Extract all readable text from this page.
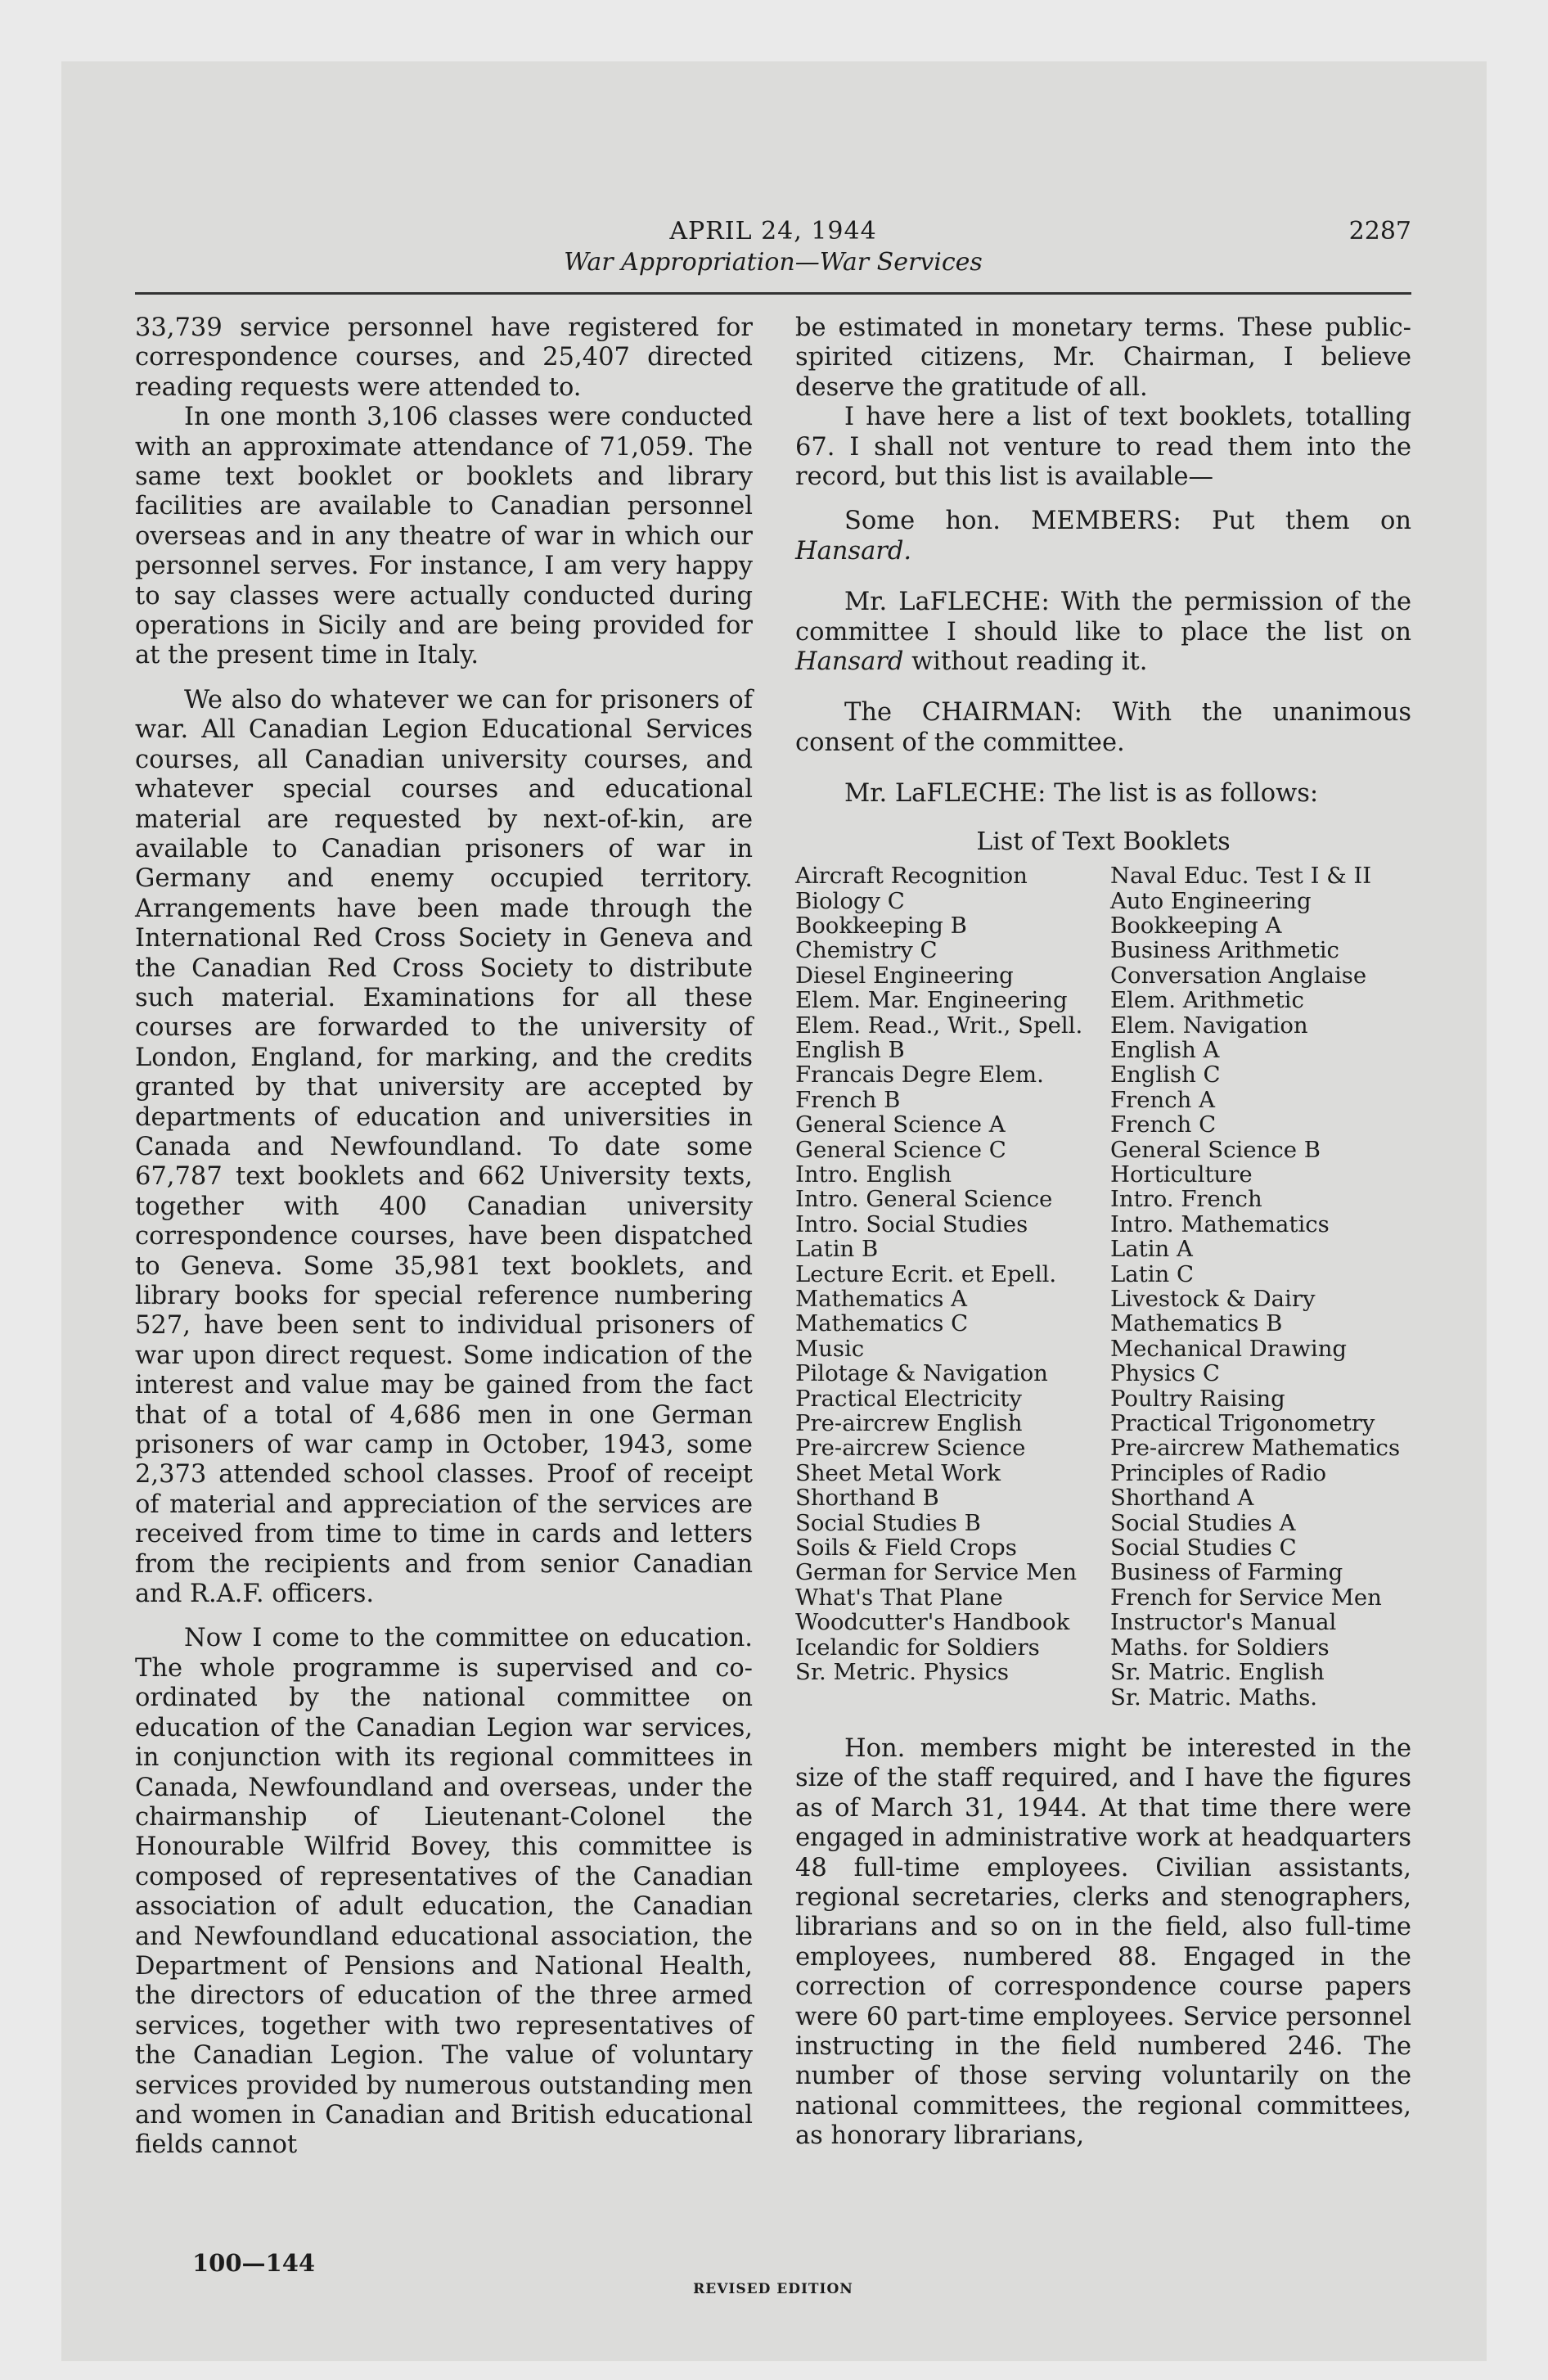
APRIL 24, 1944	2287
War Appropriation—War Services

33,739 service personnel have registered for correspondence courses, and 25,407 directed reading requests were attended to.

In one month 3,106 classes were conducted with an approximate attendance of 71,059. The same text booklet or booklets and library facilities are available to Canadian personnel overseas and in any theatre of war in which our personnel serves. For instance, I am very happy to say classes were actually conducted during operations in Sicily and are being provided for at the present time in Italy.

We also do whatever we can for prisoners of war. All Canadian Legion Educational Services courses, all Canadian university courses, and whatever special courses and educational material are requested by next-of-kin, are available to Canadian prisoners of war in Germany and enemy occupied territory. Arrangements have been made through the International Red Cross Society in Geneva and the Canadian Red Cross Society to distribute such material. Examinations for all these courses are forwarded to the university of London, England, for marking, and the credits granted by that university are accepted by departments of education and universities in Canada and Newfoundland. To date some 67,787 text booklets and 662 University texts, together with 400 Canadian university correspondence courses, have been dispatched to Geneva. Some 35,981 text booklets, and library books for special reference numbering 527, have been sent to individual prisoners of war upon direct request. Some indication of the interest and value may be gained from the fact that of a total of 4,686 men in one German prisoners of war camp in October, 1943, some 2,373 attended school classes. Proof of receipt of material and appreciation of the services are received from time to time in cards and letters from the recipients and from senior Canadian and R.A.F. officers.

Now I come to the committee on education. The whole programme is supervised and co-ordinated by the national committee on education of the Canadian Legion war services, in conjunction with its regional committees in Canada, Newfoundland and overseas, under the chairmanship of Lieutenant-Colonel the Honourable Wilfrid Bovey, this committee is composed of representatives of the Canadian association of adult education, the Canadian and Newfoundland educational association, the Department of Pensions and National Health, the directors of education of the three armed services, together with two representatives of the Canadian Legion. The value of voluntary services provided by numerous outstanding men and women in Canadian and British educational fields cannot

be estimated in monetary terms. These public-spirited citizens, Mr. Chairman, I believe deserve the gratitude of all.

I have here a list of text booklets, totalling 67. I shall not venture to read them into the record, but this list is available—

Some hon. MEMBERS: Put them on Hansard.

Mr. LaFLECHE: With the permission of the committee I should like to place the list on Hansard without reading it.

The CHAIRMAN: With the unanimous consent of the committee.

Mr. LaFLECHE: The list is as follows:

List of Text Booklets
Aircraft Recognition
Biology C
Bookkeeping B
Chemistry C
Diesel Engineering
Elem. Mar. Engineering
Elem. Read., Writ., Spell.
English B
Francais Degre Elem.
French B
General Science A
General Science C
Intro. English
Intro. General Science
Intro. Social Studies
Latin B
Lecture Ecrit. et Epell.
Mathematics A
Mathematics C
Music
Pilotage & Navigation
Practical Electricity
Pre-aircrew English
Pre-aircrew Science
Sheet Metal Work
Shorthand B
Social Studies B
Soils & Field Crops
German for Service Men
What's That Plane
Woodcutter's Handbook
Icelandic for Soldiers
Sr. Metric. Physics
Naval Educ. Test I & II
Auto Engineering
Bookkeeping A
Business Arithmetic
Conversation Anglaise
Elem. Arithmetic
Elem. Navigation
English A
English C
French A
French C
General Science B
Horticulture
Intro. French
Intro. Mathematics
Latin A
Latin C
Livestock & Dairy
Mathematics B
Mechanical Drawing
Physics C
Poultry Raising
Practical Trigonometry
Pre-aircrew Mathematics
Principles of Radio
Shorthand A
Social Studies A
Social Studies C
Business of Farming
French for Service Men
Instructor's Manual
Maths. for Soldiers
Sr. Matric. English
Sr. Matric. Maths.

Hon. members might be interested in the size of the staff required, and I have the figures as of March 31, 1944. At that time there were engaged in administrative work at headquarters 48 full-time employees. Civilian assistants, regional secretaries, clerks and stenographers, librarians and so on in the field, also full-time employees, numbered 88. Engaged in the correction of correspondence course papers were 60 part-time employees. Service personnel instructing in the field numbered 246. The number of those serving voluntarily on the national committees, the regional committees, as honorary librarians,

100—144
REVISED EDITION
